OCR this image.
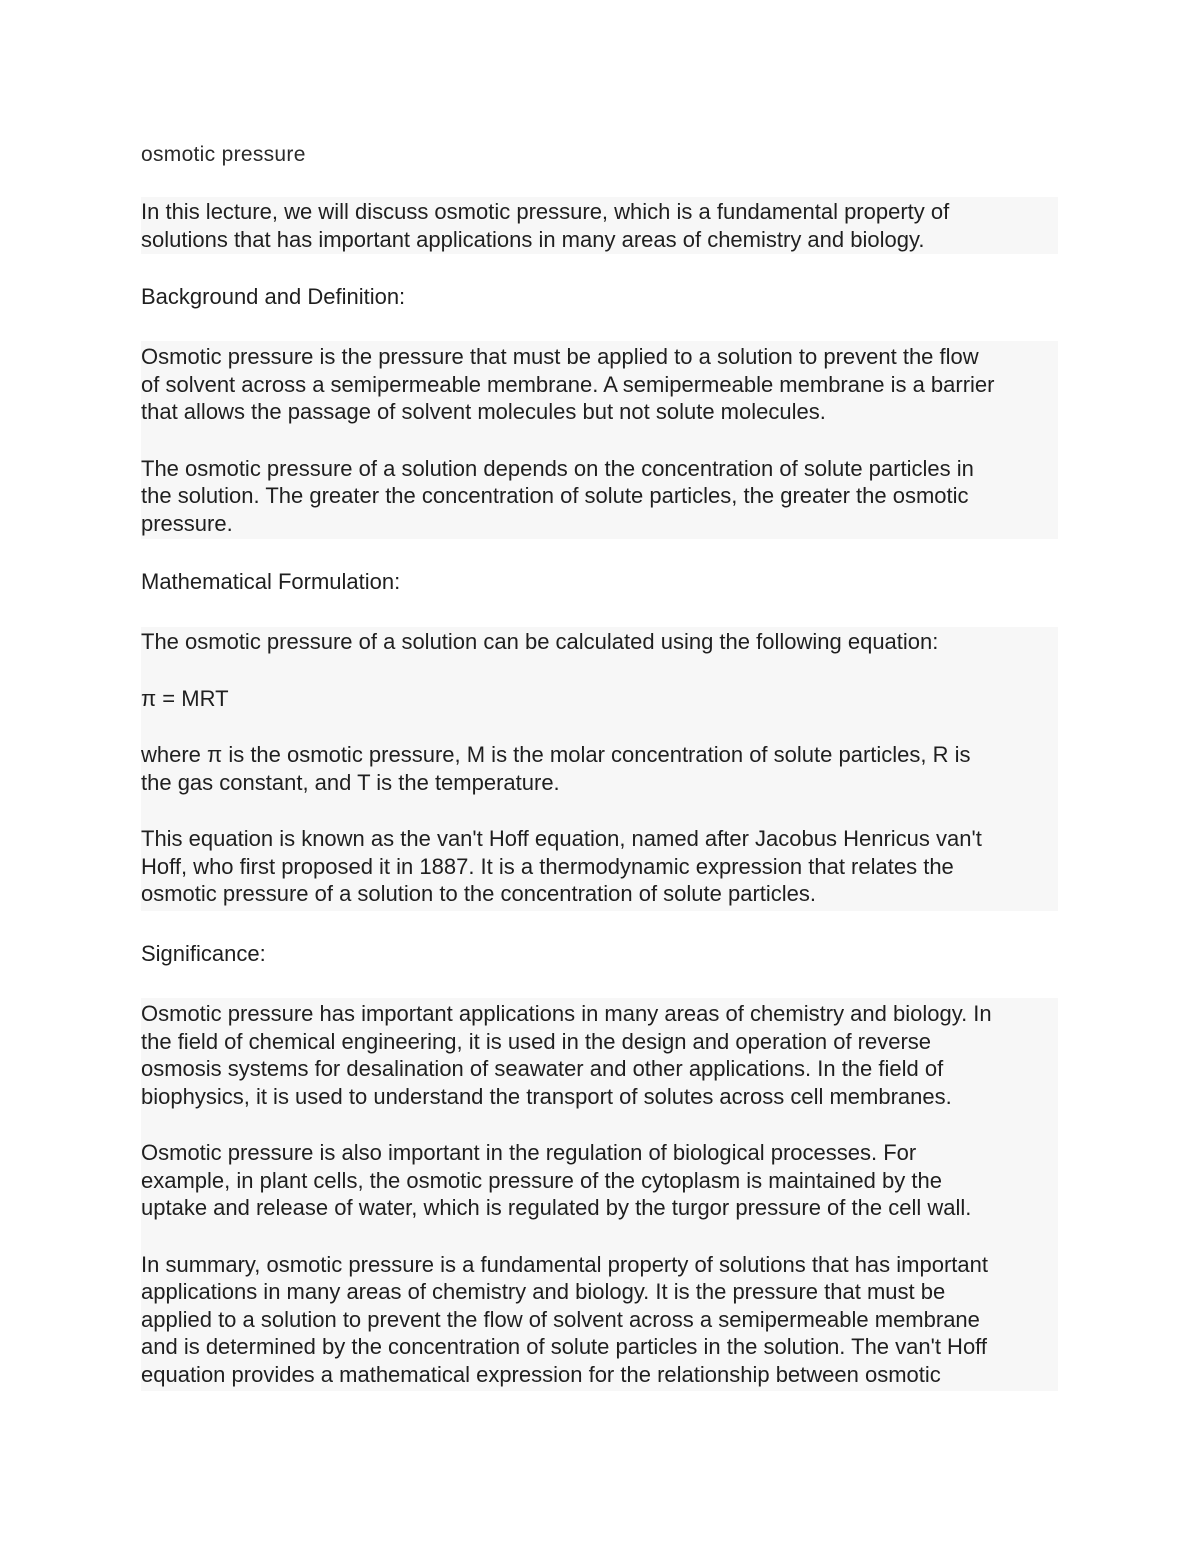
osmotic pressure

In this lecture, we will discuss osmotic pressure, which is a fundamental property of
solutions that has important applications in many areas of chemistry and biology.

Background and Definition:

Osmotic pressure is the pressure that must be applied to a solution to prevent the flow
of solvent across a semipermeable membrane. A semipermeable membrane is a barrier
that allows the passage of solvent molecules but not solute molecules.

The osmotic pressure of a solution depends on the concentration of solute particles in
the solution. The greater the concentration of solute particles, the greater the osmotic
pressure.

Mathematical Formulation:

The osmotic pressure of a solution can be calculated using the following equation:

π = MRT

where π is the osmotic pressure, M is the molar concentration of solute particles, R is
the gas constant, and T is the temperature.

This equation is known as the van't Hoff equation, named after Jacobus Henricus van't
Hoff, who first proposed it in 1887. It is a thermodynamic expression that relates the
osmotic pressure of a solution to the concentration of solute particles.

Significance:

Osmotic pressure has important applications in many areas of chemistry and biology. In
the field of chemical engineering, it is used in the design and operation of reverse
osmosis systems for desalination of seawater and other applications. In the field of
biophysics, it is used to understand the transport of solutes across cell membranes.

Osmotic pressure is also important in the regulation of biological processes. For
example, in plant cells, the osmotic pressure of the cytoplasm is maintained by the
uptake and release of water, which is regulated by the turgor pressure of the cell wall.

In summary, osmotic pressure is a fundamental property of solutions that has important
applications in many areas of chemistry and biology. It is the pressure that must be
applied to a solution to prevent the flow of solvent across a semipermeable membrane
and is determined by the concentration of solute particles in the solution. The van't Hoff
equation provides a mathematical expression for the relationship between osmotic
